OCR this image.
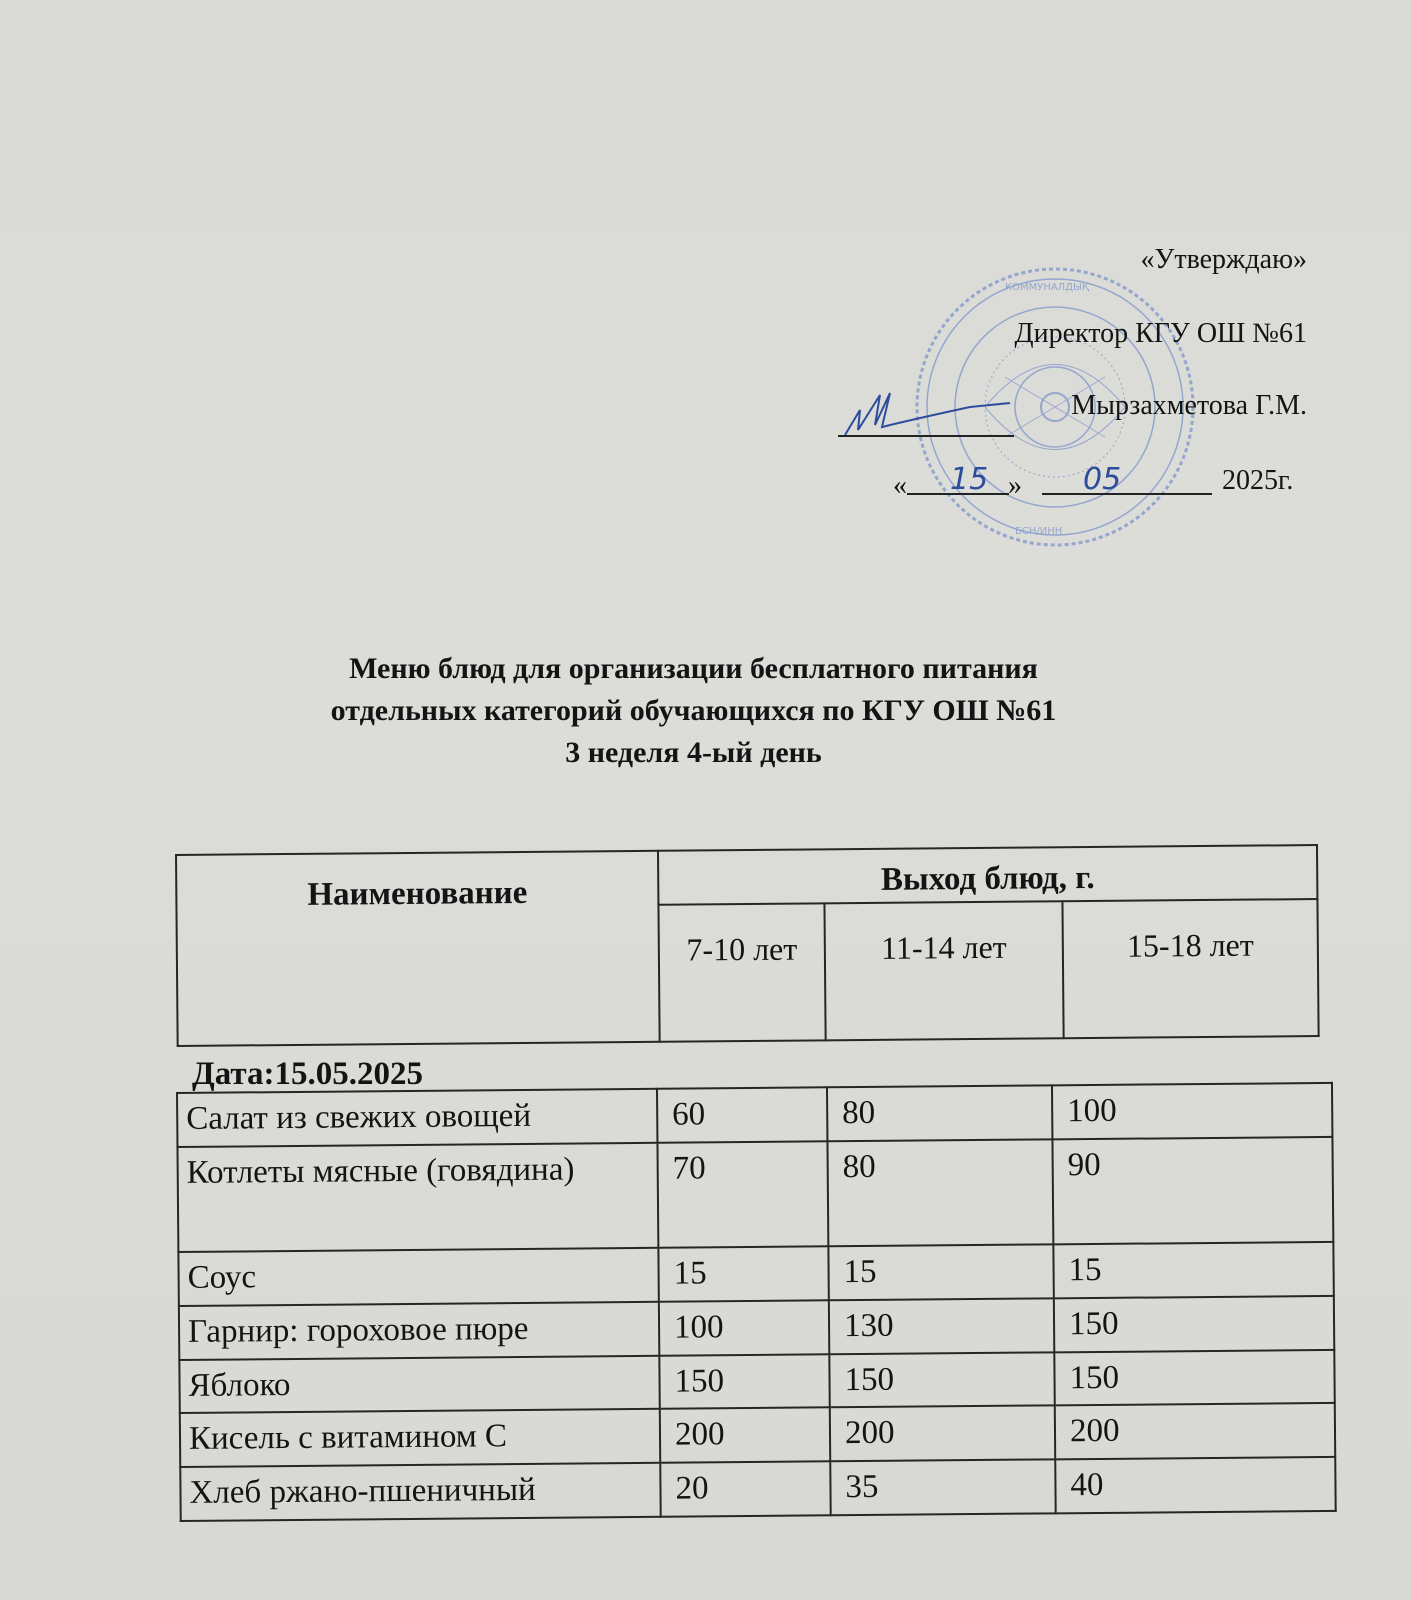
КОММУНАЛДЫҚ
БСН/ИНН
«Утверждаю»
Директор КГУ ОШ №61
Мырзахметова Г.М.
« 15 » 05	2025г.
Меню блюд для организации бесплатного питания
отдельных категорий обучающихся по КГУ ОШ №61
3 неделя 4-ый день
Наименование	Выход блюд, г.		
	7-10 лет	11-14 лет	15-18 лет
Дата:15.05.2025
Салат из свежих овощей	60	80	100
Котлеты мясные (говядина)	70	80	90
Соус	15	15	15
Гарнир: гороховое пюре	100	130	150
Яблоко	150	150	150
Кисель с витамином С	200	200	200
Хлеб ржано-пшеничный	20	35	40
